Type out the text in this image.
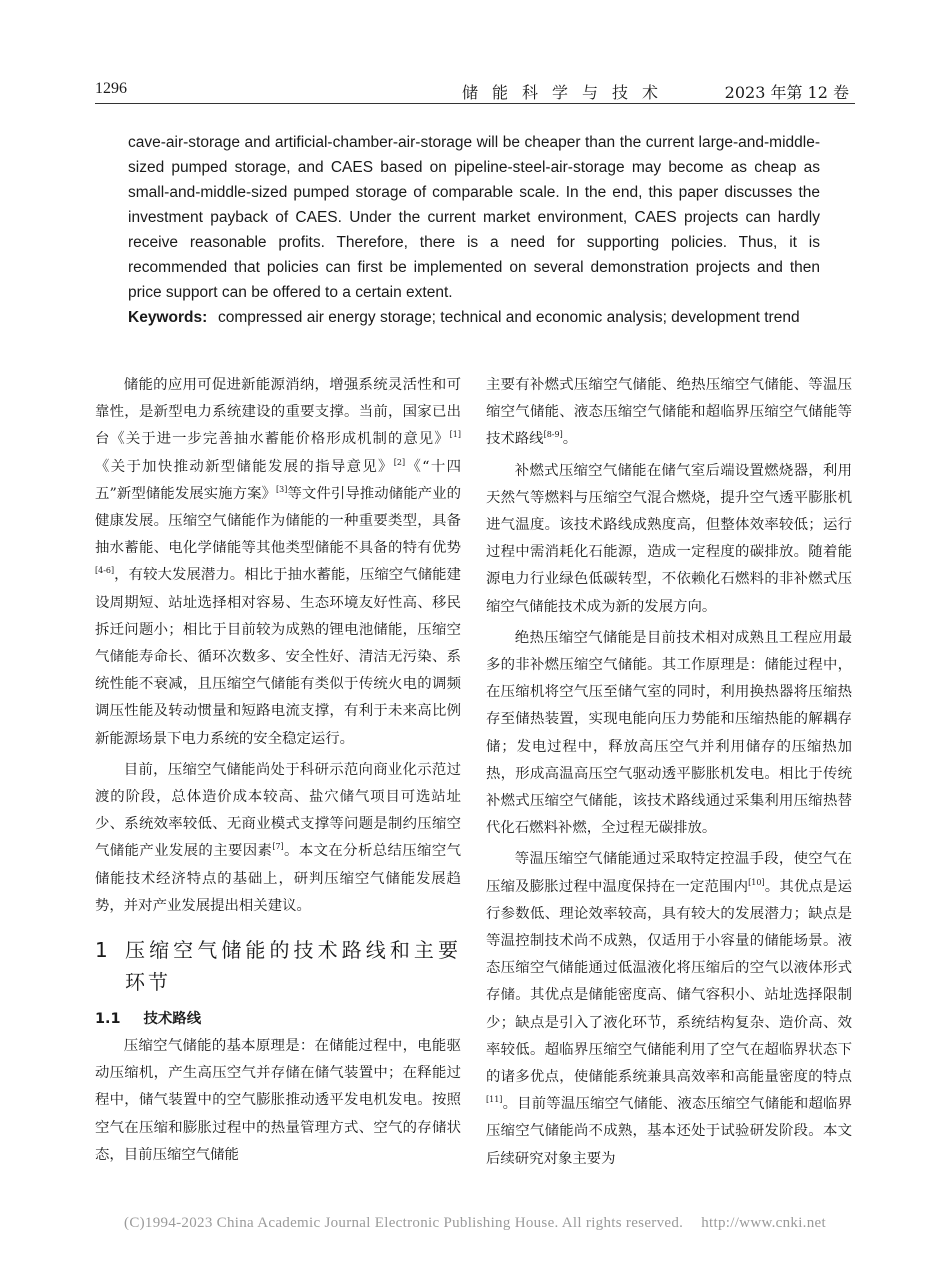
1296	储能科学与技术	2023 年第 12 卷

cave-air-storage and artificial-chamber-air-storage will be cheaper than the current large-and-middle-sized pumped storage, and CAES based on pipeline-steel-air-storage may become as cheap as small-and-middle-sized pumped storage of comparable scale. In the end, this paper discusses the investment payback of CAES. Under the current market environment, CAES projects can hardly receive reasonable profits. Therefore, there is a need for supporting policies. Thus, it is recommended that policies can first be implemented on several demonstration projects and then price support can be offered to a certain extent.

Keywords: compressed air energy storage; technical and economic analysis; development trend

储能的应用可促进新能源消纳，增强系统灵活性和可靠性，是新型电力系统建设的重要支撑。当前，国家已出台《关于进一步完善抽水蓄能价格形成机制的意见》[1]《关于加快推动新型储能发展的指导意见》[2]《“十四五”新型储能发展实施方案》[3]等文件引导推动储能产业的健康发展。压缩空气储能作为储能的一种重要类型，具备抽水蓄能、电化学储能等其他类型储能不具备的特有优势[4-6]，有较大发展潜力。相比于抽水蓄能，压缩空气储能建设周期短、站址选择相对容易、生态环境友好性高、移民拆迁问题小；相比于目前较为成熟的锂电池储能，压缩空气储能寿命长、循环次数多、安全性好、清洁无污染、系统性能不衰减，且压缩空气储能有类似于传统火电的调频调压性能及转动惯量和短路电流支撑，有利于未来高比例新能源场景下电力系统的安全稳定运行。

目前，压缩空气储能尚处于科研示范向商业化示范过渡的阶段，总体造价成本较高、盐穴储气项目可选站址少、系统效率较低、无商业模式支撑等问题是制约压缩空气储能产业发展的主要因素[7]。本文在分析总结压缩空气储能技术经济特点的基础上，研判压缩空气储能发展趋势，并对产业发展提出相关建议。

1 压缩空气储能的技术路线和主要环节
1.1 技术路线

压缩空气储能的基本原理是：在储能过程中，电能驱动压缩机，产生高压空气并存储在储气装置中；在释能过程中，储气装置中的空气膨胀推动透平发电机发电。按照空气在压缩和膨胀过程中的热量管理方式、空气的存储状态，目前压缩空气储能

主要有补燃式压缩空气储能、绝热压缩空气储能、等温压缩空气储能、液态压缩空气储能和超临界压缩空气储能等技术路线[8-9]。

补燃式压缩空气储能在储气室后端设置燃烧器，利用天然气等燃料与压缩空气混合燃烧，提升空气透平膨胀机进气温度。该技术路线成熟度高，但整体效率较低；运行过程中需消耗化石能源，造成一定程度的碳排放。随着能源电力行业绿色低碳转型，不依赖化石燃料的非补燃式压缩空气储能技术成为新的发展方向。

绝热压缩空气储能是目前技术相对成熟且工程应用最多的非补燃压缩空气储能。其工作原理是：储能过程中，在压缩机将空气压至储气室的同时，利用换热器将压缩热存至储热装置，实现电能向压力势能和压缩热能的解耦存储；发电过程中，释放高压空气并利用储存的压缩热加热，形成高温高压空气驱动透平膨胀机发电。相比于传统补燃式压缩空气储能，该技术路线通过采集利用压缩热替代化石燃料补燃，全过程无碳排放。

等温压缩空气储能通过采取特定控温手段，使空气在压缩及膨胀过程中温度保持在一定范围内[10]。其优点是运行参数低、理论效率较高，具有较大的发展潜力；缺点是等温控制技术尚不成熟，仅适用于小容量的储能场景。液态压缩空气储能通过低温液化将压缩后的空气以液体形式存储。其优点是储能密度高、储气容积小、站址选择限制少；缺点是引入了液化环节，系统结构复杂、造价高、效率较低。超临界压缩空气储能利用了空气在超临界状态下的诸多优点，使储能系统兼具高效率和高能量密度的特点[11]。目前等温压缩空气储能、液态压缩空气储能和超临界压缩空气储能尚不成熟，基本还处于试验研发阶段。本文后续研究对象主要为

(C)1994-2023 China Academic Journal Electronic Publishing House. All rights reserved. http://www.cnki.net
